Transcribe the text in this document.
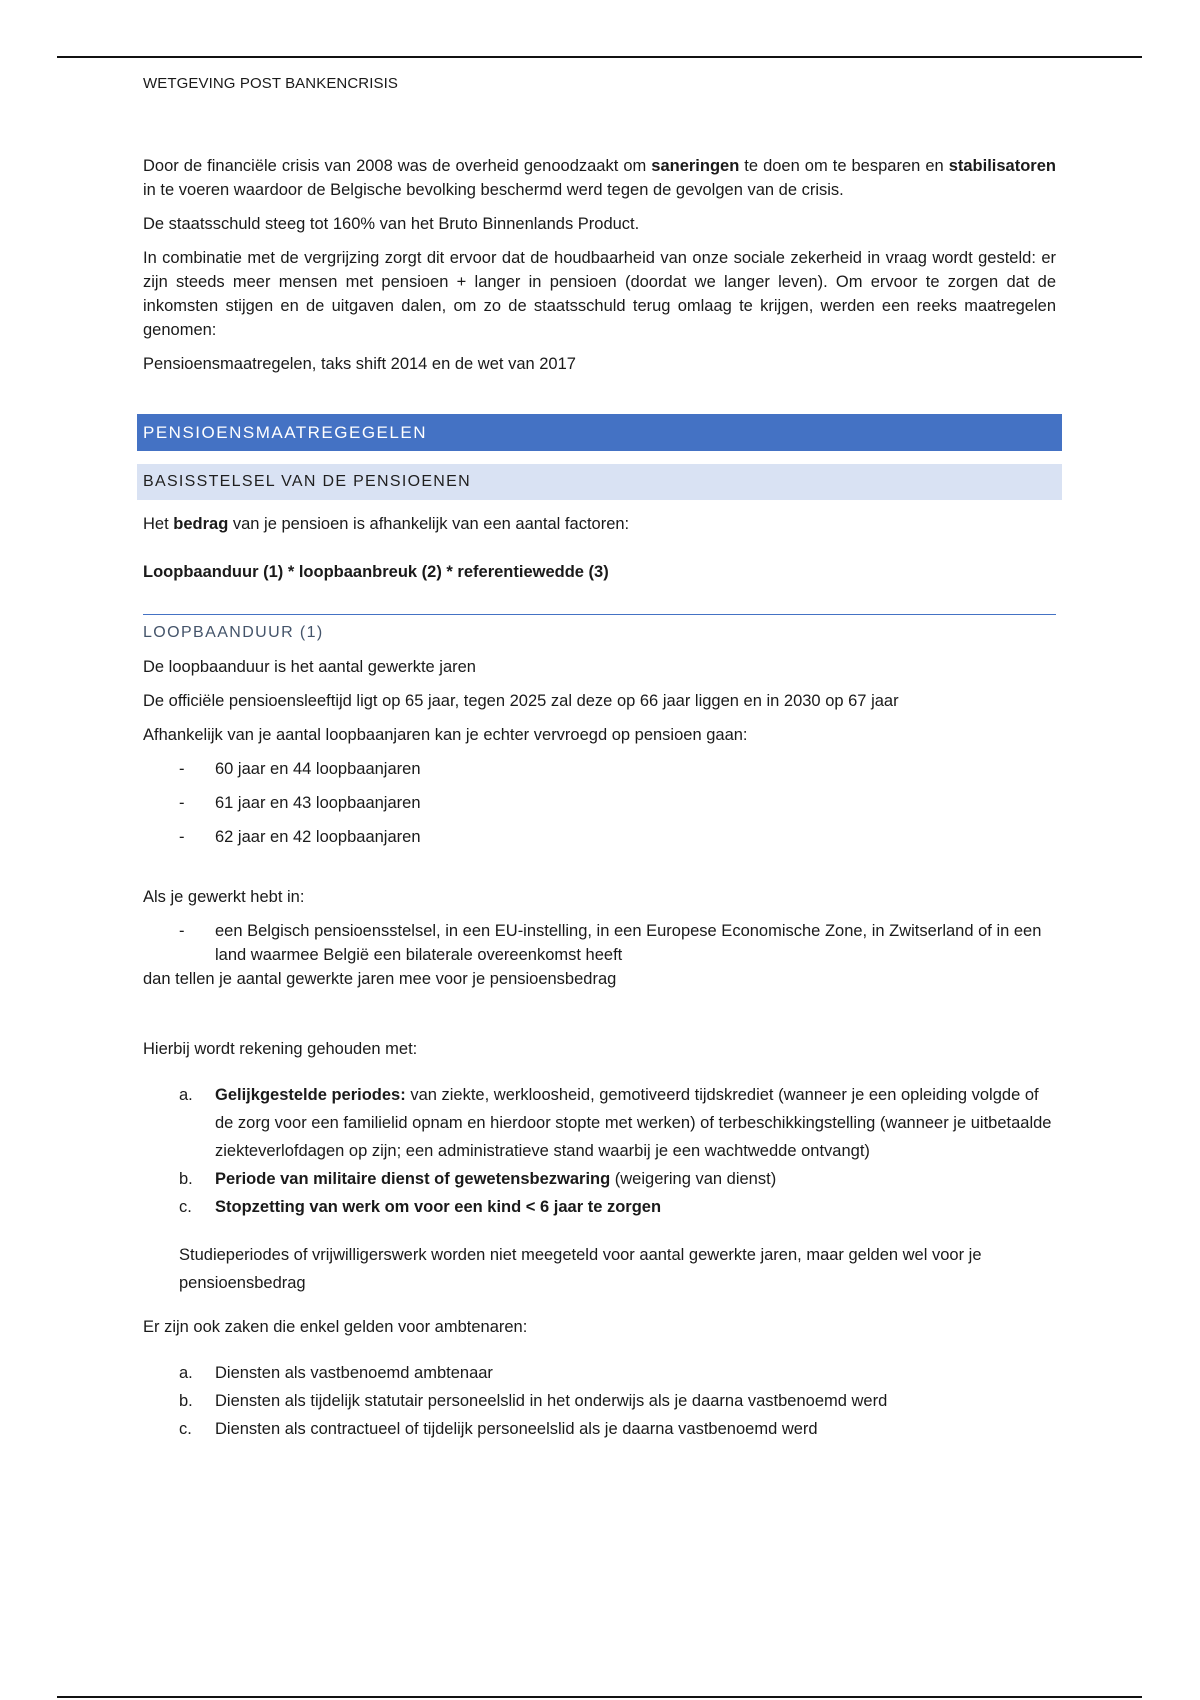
WETGEVING POST BANKENCRISIS

Door de financiële crisis van 2008 was de overheid genoodzaakt om saneringen te doen om te besparen en stabilisatoren in te voeren waardoor de Belgische bevolking beschermd werd tegen de gevolgen van de crisis.

De staatsschuld steeg tot 160% van het Bruto Binnenlands Product.

In combinatie met de vergrijzing zorgt dit ervoor dat de houdbaarheid van onze sociale zekerheid in vraag wordt gesteld: er zijn steeds meer mensen met pensioen + langer in pensioen (doordat we langer leven). Om ervoor te zorgen dat de inkomsten stijgen en de uitgaven dalen, om zo de staatsschuld terug omlaag te krijgen, werden een reeks maatregelen genomen:

Pensioensmaatregelen, taks shift 2014 en de wet van 2017

PENSIOENSMAATREGEGELEN
BASISSTELSEL VAN DE PENSIOENEN

Het bedrag van je pensioen is afhankelijk van een aantal factoren:

Loopbaanduur (1) * loopbaanbreuk (2) * referentiewedde (3)

LOOPBAANDUUR (1)

De loopbaanduur is het aantal gewerkte jaren

De officiële pensioensleeftijd ligt op 65 jaar, tegen 2025 zal deze op 66 jaar liggen en in 2030 op 67 jaar

Afhankelijk van je aantal loopbaanjaren kan je echter vervroegd op pensioen gaan:

- 60 jaar en 44 loopbaanjaren
- 61 jaar en 43 loopbaanjaren
- 62 jaar en 42 loopbaanjaren

Als je gewerkt hebt in:

- een Belgisch pensioensstelsel, in een EU-instelling, in een Europese Economische Zone, in Zwitserland of in een land waarmee België een bilaterale overeenkomst heeft

dan tellen je aantal gewerkte jaren mee voor je pensioensbedrag

Hierbij wordt rekening gehouden met:

a. Gelijkgestelde periodes: van ziekte, werkloosheid, gemotiveerd tijdskrediet (wanneer je een opleiding volgde of de zorg voor een familielid opnam en hierdoor stopte met werken) of terbeschikkingstelling (wanneer je uitbetaalde ziekteverlofdagen op zijn; een administratieve stand waarbij je een wachtwedde ontvangt)
b. Periode van militaire dienst of gewetensbezwaring (weigering van dienst)
c. Stopzetting van werk om voor een kind < 6 jaar te zorgen

Studieperiodes of vrijwilligerswerk worden niet meegeteld voor aantal gewerkte jaren, maar gelden wel voor je pensioensbedrag

Er zijn ook zaken die enkel gelden voor ambtenaren:

a. Diensten als vastbenoemd ambtenaar
b. Diensten als tijdelijk statutair personeelslid in het onderwijs als je daarna vastbenoemd werd
c. Diensten als contractueel of tijdelijk personeelslid als je daarna vastbenoemd werd
